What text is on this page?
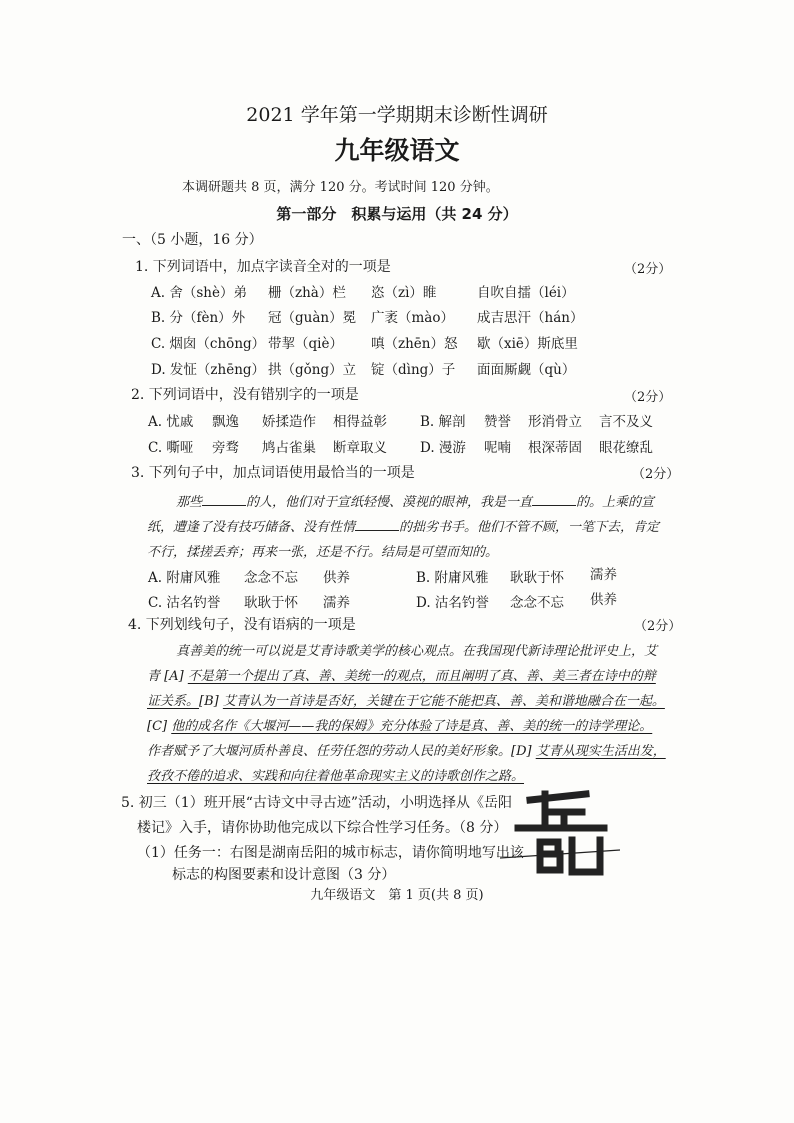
2021 学年第一学期期末诊断性调研
九年级语文
本调研题共 8 页，满分 120 分。考试时间 120 分钟。
第一部分　积累与运用（共 24 分）
一、（5 小题，16 分）
1. 下列词语中，加点字读音全对的一项是	（2分）
A. 舍（shè）弟 栅（zhà）栏 恣（zì）睢	自吹自擂（léi）
B. 分（fèn）外 冠（guàn）冕 广袤（mào） 成吉思汗（hán）
C. 烟囱（chōng） 带挈（qiè） 嗔（zhēn）怒 歇（xiē）斯底里
D. 发怔（zhēng） 拱（gǒng）立 锭（dìng）子 面面厮觑（qù）
2. 下列词语中，没有错别字的一项是	（2分）
A. 忧戚 飘逸 娇揉造作 相得益彰 B. 解剖 赞誉 形消骨立 言不及义
C. 嘶哑 旁骛 鸠占雀巢 断章取义 D. 漫游 呢喃 根深蒂固 眼花缭乱
3. 下列句子中，加点词语使用最恰当的一项是	（2分）
那些	的人，他们对于宣纸轻慢、漠视的眼神，我是一直	的。上乘的宣
纸，遭逢了没有技巧储备、没有性情	的拙劣书手。他们不管不顾，一笔下去，肯定
不行，揉搓丢弃；再来一张，还是不行。结局是可望而知的。
A. 附庸风雅 念念不忘 供养	B. 附庸风雅 耿耿于怀 濡养
C. 沽名钓誉 耿耿于怀 濡养	D. 沽名钓誉 念念不忘 供养
4. 下列划线句子，没有语病的一项是	（2分）
真善美的统一可以说是艾青诗歌美学的核心观点。在我国现代新诗理论批评史上，艾
青 [A] 不是第一个提出了真、善、美统一的观点，而且阐明了真、善、美三者在诗中的辩
证关系。[B] 艾青认为一首诗是否好，关键在于它能不能把真、善、美和谐地融合在一起。
[C] 他的成名作《大堰河——我的保姆》充分体验了诗是真、善、美的统一的诗学理论。
作者赋予了大堰河质朴善良、任劳任怨的劳动人民的美好形象。[D] 艾青从现实生活出发，
孜孜不倦的追求、实践和向往着他革命现实主义的诗歌创作之路。
5. 初三（1）班开展“古诗文中寻古迹”活动，小明选择从《岳阳
楼记》入手，请你协助他完成以下综合性学习任务。（8 分）
（1）任务一：右图是湖南岳阳的城市标志，请你简明地写出该
标志的构图要素和设计意图（3 分）
九年级语文　第 1 页(共 8 页)
